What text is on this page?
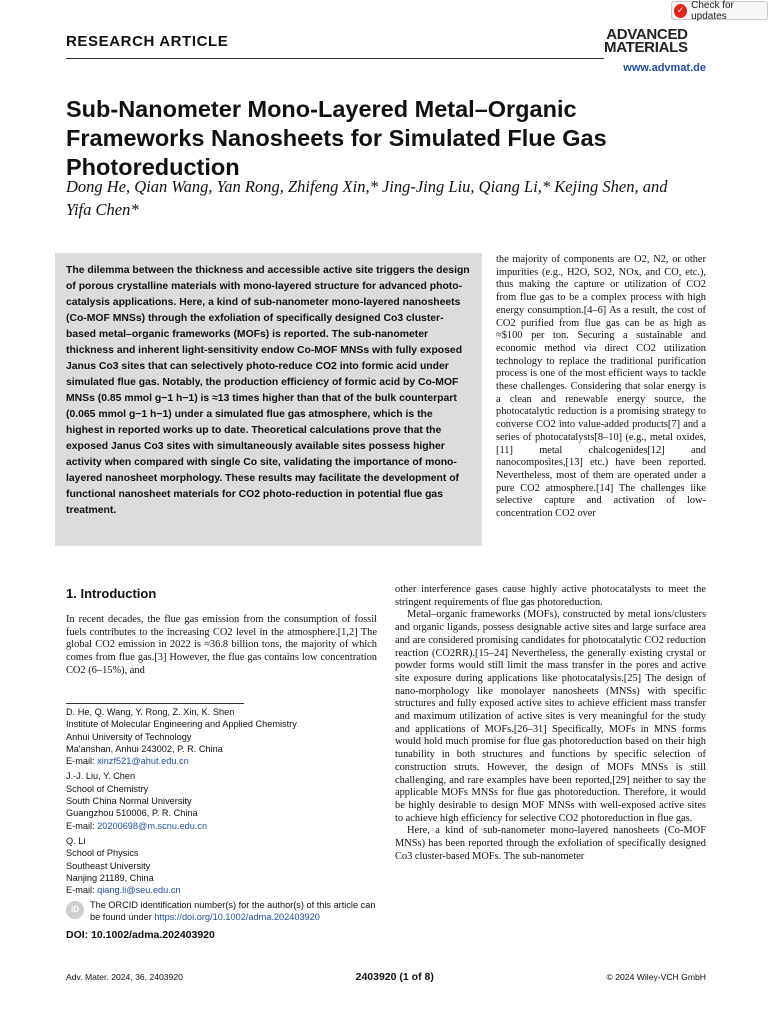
✓ Check for updates
RESEARCH ARTICLE	ADVANCED
MATERIALS
www.advmat.de
Sub-Nanometer Mono-Layered Metal–Organic Frameworks Nanosheets for Simulated Flue Gas Photoreduction
Dong He, Qian Wang, Yan Rong, Zhifeng Xin,* Jing-Jing Liu, Qiang Li,* Kejing Shen, and Yifa Chen*
The dilemma between the thickness and accessible active site triggers the design of porous crystalline materials with mono-layered structure for advanced photo-catalysis applications. Here, a kind of sub-nanometer mono-layered nanosheets (Co-MOF MNSs) through the exfoliation of specifically designed Co3 cluster-based metal–organic frameworks (MOFs) is reported. The sub-nanometer thickness and inherent light-sensitivity endow Co-MOF MNSs with fully exposed Janus Co3 sites that can selectively photo-reduce CO2 into formic acid under simulated flue gas. Notably, the production efficiency of formic acid by Co-MOF MNSs (0.85 mmol g−1 h−1) is ≈13 times higher than that of the bulk counterpart (0.065 mmol g−1 h−1) under a simulated flue gas atmosphere, which is the highest in reported works up to date. Theoretical calculations prove that the exposed Janus Co3 sites with simultaneously available sites possess higher activity when compared with single Co site, validating the importance of mono-layered nanosheet morphology. These results may facilitate the development of functional nanosheet materials for CO2 photo-reduction in potential flue gas treatment.

the majority of components are O2, N2, or other impurities (e.g., H2O, SO2, NOx, and CO, etc.), thus making the capture or utilization of CO2 from flue gas to be a complex process with high energy consumption.[4–6] As a result, the cost of CO2 purified from flue gas can be as high as ≈$100 per ton. Securing a sustainable and economic method via direct CO2 utilization technology to replace the traditional purification process is one of the most efficient ways to tackle these challenges. Considering that solar energy is a clean and renewable energy source, the photocatalytic reduction is a promising strategy to converse CO2 into value-added products[7] and a series of photocatalysts[8–10] (e.g., metal oxides,[11] metal chalcogenides[12] and nanocomposites,[13] etc.) have been reported. Nevertheless, most of them are operated under a pure CO2 atmosphere.[14] The challenges like selective capture and activation of low-concentration CO2 over

1. Introduction

In recent decades, the flue gas emission from the consumption of fossil fuels contributes to the increasing CO2 level in the atmosphere.[1,2] The global CO2 emission in 2022 is ≈36.8 billion tons, the majority of which comes from flue gas.[3] However, the flue gas contains low concentration CO2 (6–15%), and

D. He, Q. Wang, Y. Rong, Z. Xin, K. Shen
Institute of Molecular Engineering and Applied Chemistry
Anhui University of Technology
Ma'anshan, Anhui 243002, P. R. China
E-mail: xinzf521@ahut.edu.cn
J.-J. Liu, Y. Chen
School of Chemistry
South China Normal University
Guangzhou 510006, P. R. China
E-mail: 20200698@m.scnu.edu.cn
Q. Li
School of Physics
Southeast University
Nanjing 21189, China
E-mail: qiang.li@seu.edu.cn
iD	The ORCID identification number(s) for the author(s) of this article can be found under https://doi.org/10.1002/adma.202403920
DOI: 10.1002/adma.202403920

other interference gases cause highly active photocatalysts to meet the stringent requirements of flue gas photoreduction.

Metal–organic frameworks (MOFs), constructed by metal ions/clusters and organic ligands, possess designable active sites and large surface area and are considered promising candidates for photocatalytic CO2 reduction reaction (CO2RR).[15–24] Nevertheless, the generally existing crystal or powder forms would still limit the mass transfer in the pores and active site exposure during applications like photocatalysis.[25] The design of nano-morphology like monolayer nanosheets (MNSs) with specific structures and fully exposed active sites to achieve efficient mass transfer and maximum utilization of active sites is very meaningful for the study and applications of MOFs.[26–31] Specifically, MOFs in MNS forms would hold much promise for flue gas photoreduction based on their high tunability in both structures and functions by specific selection of construction struts. However, the design of MOFs MNSs is still challenging, and rare examples have been reported,[29] neither to say the applicable MOFs MNSs for flue gas photoreduction. Therefore, it would be highly desirable to design MOF MNSs with well-exposed active sites to achieve high efficiency for selective CO2 photoreduction in flue gas.

Here, a kind of sub-nanometer mono-layered nanosheets (Co-MOF MNSs) has been reported through the exfoliation of specifically designed Co3 cluster-based MOFs. The sub-nanometer

Adv. Mater. 2024, 36, 2403920	2403920 (1 of 8)	© 2024 Wiley-VCH GmbH
